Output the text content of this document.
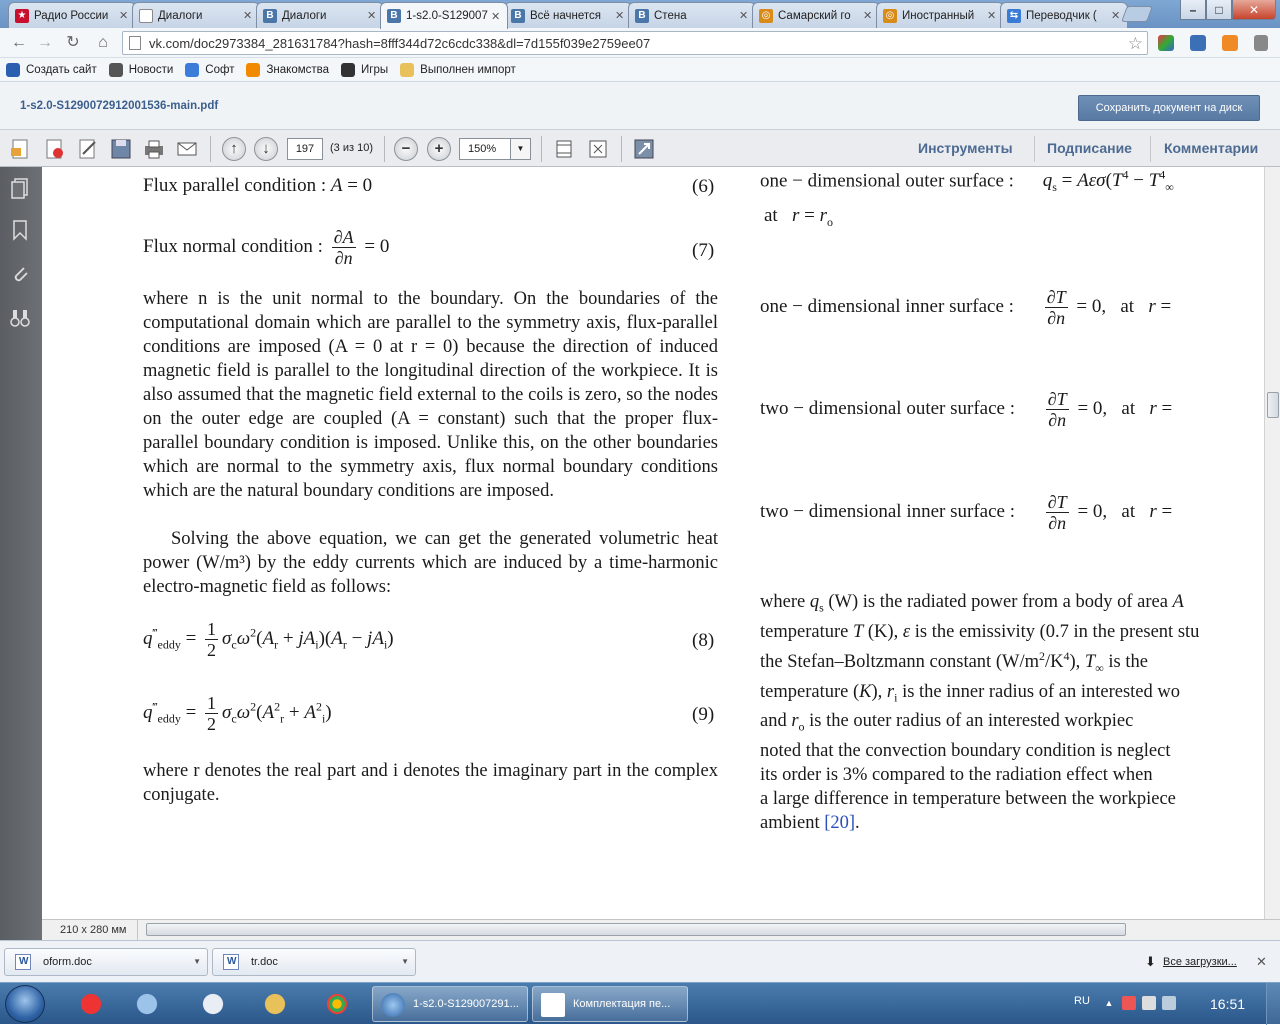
★ Радио России ✕	Диалоги	✕	В Диалоги	✕	В 1-s2.0-S129007 ✕	В Всё начнется	✕	В Стена	✕ ◎ Самарский го	✕ ◎ Иностранный	✕ ⇆ Переводчик (	✕	–	□	✕
← → ↻ ⌂	vk.com/doc2973384_281631784?hash=8fff344d72c6cdc338&dl=7d155f039e2759ee07	☆
Создать сайт	Новости	Софт	Знакомства	Игры	Выполнен импорт
1-s2.0-S1290072912001536-main.pdf	Сохранить документ на диск
↑	↓	197	(3 из 10)	−	+	150%	▼	Инструменты Подписание Комментарии
Flux parallel condition : A = 0	(6)
Flux normal condition : $\frac{\partial A}{\partial n} = 0$	(7)
where n is the unit normal to the boundary. On the boundaries of the computational domain which are parallel to the symmetry axis, flux-parallel conditions are imposed (A = 0 at r = 0) because the direction of induced magnetic field is parallel to the longitudinal direction of the workpiece. It is also assumed that the magnetic field external to the coils is zero, so the nodes on the outer edge are coupled (A = constant) such that the proper flux-parallel boundary condition is imposed. Unlike this, on the other boundaries which are normal to the symmetry axis, flux normal boundary conditions which are the natural boundary conditions are imposed.
Solving the above equation, we can get the generated volumetric heat power (W/m³) by the eddy currents which are induced by a time-harmonic electro-magnetic field as follows:
$q^‴_{eddy} = \frac{1}{2} \sigma_c\omega^2(A_r + jA_i)(A_r - jA_i)$	(8)
$q^‴_{eddy} = \frac{1}{2} \sigma_c\omega^2(A^2_r + A^2_i)$	(9)
where r denotes the real part and i denotes the imaginary part in the complex conjugate.
one − dimensional outer surface : $q_s = A\varepsilon\sigma(T^4 - T^4_\infty$
at $r = r_o$
one − dimensional inner surface : $\frac{\partial T}{\partial n} = 0$,   at r =
two − dimensional outer surface : $\frac{\partial T}{\partial n} = 0$,   at r =
two − dimensional inner surface : $\frac{\partial T}{\partial n} = 0$,   at r =
where $q_s$ (W) is the radiated power from a body of area A
temperature T (K), ε is the emissivity (0.7 in the present stu
the Stefan–Boltzmann constant $(W/m^2/K^4)$, $T_\infty$ is the
temperature (K), $r_i$ is the inner radius of an interested wo
and $r_o$ is the outer radius of an interested workpiec
noted that the convection boundary condition is neglect
its order is 3% compared to the radiation effect when
a large difference in temperature between the workpiece
ambient [20].
210 x 280 мм
W
oform.doc	▼
W	tr.doc	▼	⬇ Все загрузки... ✕
1-s2.0-S129007291...	Комплектация пе...	RU ▲	16:51
